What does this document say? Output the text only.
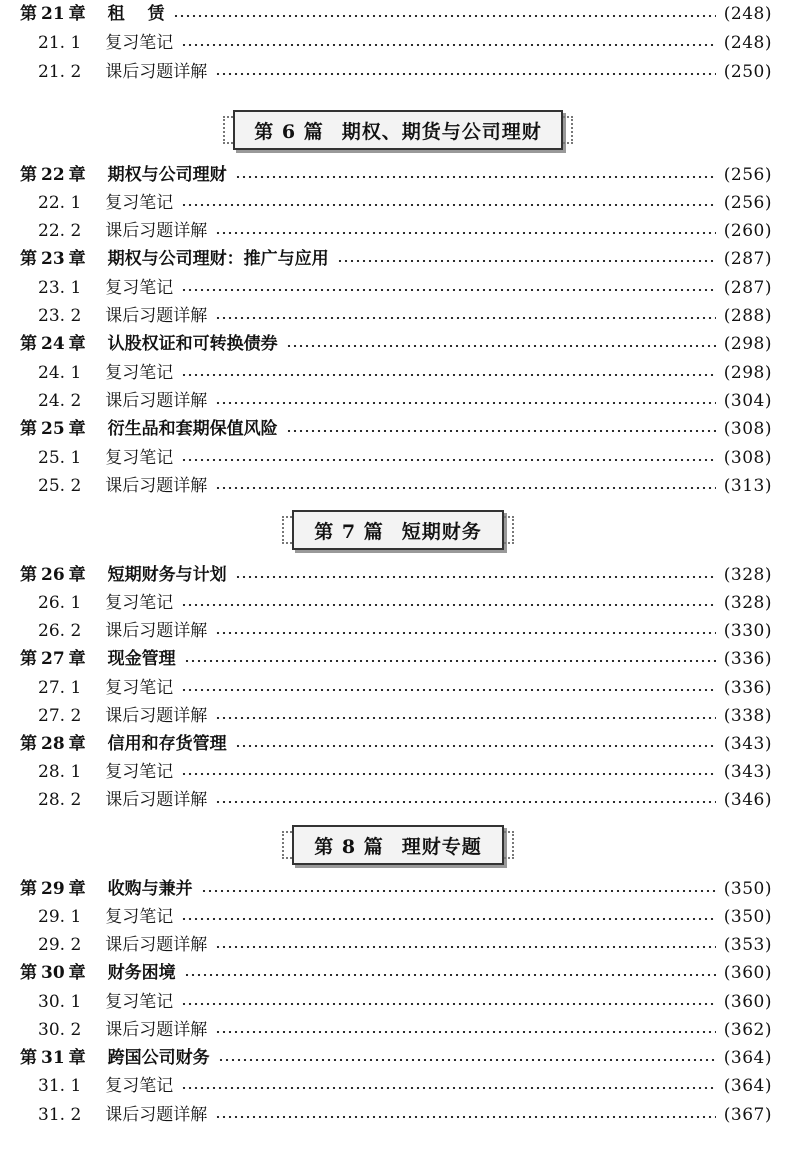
第 21 章 租　 赁	(248)
21. 1 复习笔记	(248)
21. 2 课后习题详解	(250)
第 6 篇 期权、期货与公司理财
第 22 章 期权与公司理财	(256)
22. 1 复习笔记	(256)
22. 2 课后习题详解	(260)
第 23 章 期权与公司理财：推广与应用	(287)
23. 1 复习笔记	(287)
23. 2 课后习题详解	(288)
第 24 章 认股权证和可转换债券	(298)
24. 1 复习笔记	(298)
24. 2 课后习题详解	(304)
第 25 章 衍生品和套期保值风险	(308)
25. 1 复习笔记	(308)
25. 2 课后习题详解	(313)
第 7 篇 短期财务
第 26 章 短期财务与计划	(328)
26. 1 复习笔记	(328)
26. 2 课后习题详解	(330)
第 27 章 现金管理	(336)
27. 1 复习笔记	(336)
27. 2 课后习题详解	(338)
第 28 章 信用和存货管理	(343)
28. 1 复习笔记	(343)
28. 2 课后习题详解	(346)
第 8 篇 理财专题
第 29 章 收购与兼并	(350)
29. 1 复习笔记	(350)
29. 2 课后习题详解	(353)
第 30 章 财务困境	(360)
30. 1 复习笔记	(360)
30. 2 课后习题详解	(362)
第 31 章 跨国公司财务	(364)
31. 1 复习笔记	(364)
31. 2 课后习题详解	(367)
